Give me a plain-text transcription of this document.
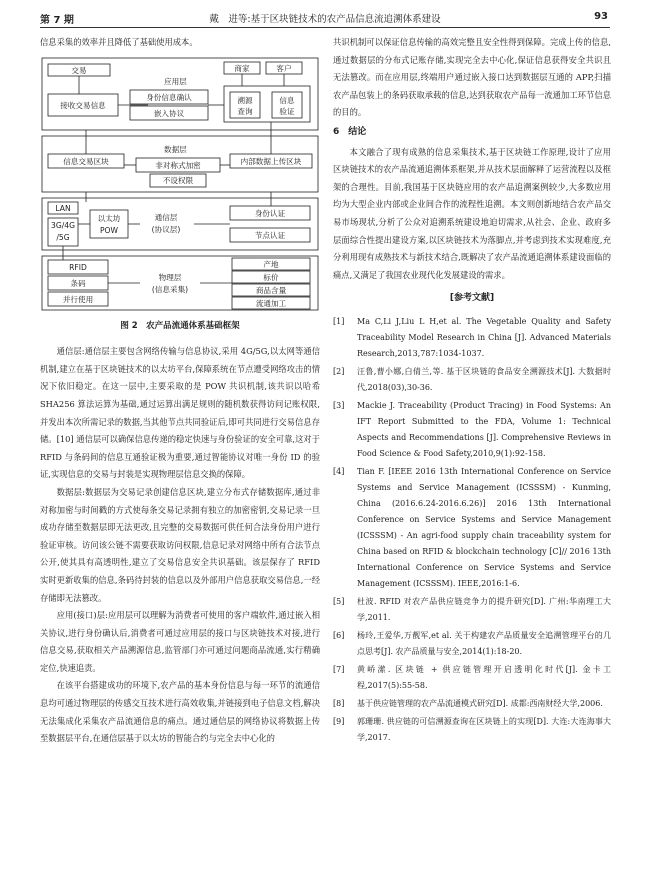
第 7 期	戴　进等:基于区块链技术的农产品信息流追溯体系建设	93

信息采集的效率并且降低了基础使用成本。

交易
接收交易信息
应用层
身份信息确认
嵌入协议
商家	客户
溯源
查询
信息
验证
数据层
信息交易区块	非对称式加密
不设权限
内部数据上传区块
LAN
3G/4G
/5G
以太坊
POW
通信层
(协议层)
身份认证
节点认证
RFID
条码
并行使用
物理层
(信息采集)
产地
标价
商品含量
流通加工
图 2　农产品流通体系基础框架

通信层:通信层主要包含网络传输与信息协议,采用 4G/5G,以太网等通信机制,建立在基于区块链技术的以太坊平台,保障系统在节点遭受网络攻击的情况下依旧稳定。在这一层中,主要采取的是 POW 共识机制,该共识以哈希 SHA256 算法运算为基础,通过运算出满足规则的随机数获得访问记账权限,并发出本次所需记录的数据,当其他节点共同验证后,即可共同进行交易信息存储。[10] 通信层可以确保信息传递的稳定快速与身份验证的安全可靠,这对于 RFID 与条码间的信息互通验证极为重要,通过智能协议对唯一身份 ID 的验证,实现信息的交易与封装是实现物理层信息交换的保障。

数据层:数据层为交易记录创建信息区块,建立分布式存储数据库,通过非对称加密与时间戳的方式使每条交易记录拥有独立的加密密钥,交易记录一旦成功存储至数据层即无法更改,且完整的交易数据可供任何合法身份用户进行验证审核。访问该公链不需要获取访问权限,信息记录对网络中所有合法节点公开,使其具有高透明性,建立了交易信息安全共识基础。该层保存了 RFID 实时更新收集的信息,条码待封装的信息以及外部用户信息获取交易信息,一经存储即无法篡改。

应用(接口)层:应用层可以理解为消费者可使用的客户端软件,通过嵌入相关协议,进行身份确认后,消费者可通过应用层的接口与区块链技术对接,进行信息交易,获取相关产品溯源信息,监管部门亦可通过问题商品流通,实行精确定位,快速追责。

在该平台搭建成功的环境下,农产品的基本身份信息与每一环节的流通信息均可通过物理层的传感交互技术进行高效收集,并链接到电子信息文档,解决无法集成化采集农产品流通信息的痛点。通过通信层的网络协议将数据上传至数据层平台,在通信层基于以太坊的智能合约与完全去中心化的

共识机制可以保证信息传输的高效完整且安全性得到保障。完成上传的信息,通过数据层的分布式记账存储,实现完全去中心化,保证信息获得安全共识且无法篡改。而在应用层,终端用户通过嵌入接口达到数据层互通的 APP,扫描农产品包装上的条码获取承载的信息,达到获取农产品每一流通加工环节信息的目的。

6　结论

本文融合了现有成熟的信息采集技术,基于区块链工作原理,设计了应用区块链技术的农产品流通追溯体系框架,并从技术层面解释了运营流程以及框架的合理性。目前,我国基于区块链应用的农产品追溯案例较少,大多数应用均为大型企业内部或企业间合作的流程性追溯。本文则创新地结合农产品交易市场现状,分析了公众对追溯系统建设地迫切需求,从社会、企业、政府多层面综合性提出建设方案,以区块链技术为落脚点,并考虑到技术实现难度,充分利用现有成熟技术与新技术结合,既解决了农产品流通追溯体系建设面临的痛点,又满足了我国农业现代化发展建设的需求。

[参考文献]
[1]	Ma C,Li J,Liu L H,et al. The Vegetable Quality and Safety Traceability Model Research in China [J]. Advanced Materials Research,2013,787:1034-1037.
[2]	汪鲁,曹小娜,白倩兰,等. 基于区块链的食品安全溯源技术[J]. 大数据时代,2018(03),30-36.
[3]	Mackie J. Traceability (Product Tracing) in Food Systems: An IFT Report Submitted to the FDA, Volume 1: Technical Aspects and Recommendations [J]. Comprehensive Reviews in Food Science & Food Safety,2010,9(1):92-158.
[4]	Tian F. [IEEE 2016 13th International Conference on Service Systems and Service Management (ICSSSM) - Kunming, China (2016.6.24-2016.6.26)] 2016 13th International Conference on Service Systems and Service Management (ICSSSM) - An agri-food supply chain traceability system for China based on RFID & blockchain technology [C]// 2016 13th International Conference on Service Systems and Service Management (ICSSSM). IEEE,2016:1-6.
[5]	杜波. RFID 对农产品供应链竞争力的提升研究[D]. 广州:华南理工大学,2011.
[6]	杨玲,王爱华,万靓军,et al. 关于构建农产品质量安全追溯管理平台的几点思考[J]. 农产品质量与安全,2014(1):18-20.
[7]	黄峤潆. 区块链 + 供应链管理开启透明化时代[J]. 金卡工程,2017(5):55-58.
[8]	基于供应链管理的农产品流通模式研究[D]. 成都:西南财经大学,2006.
[9]	郭珊珊. 供应链的可信溯源查询在区块链上的实现[D]. 大连:大连海事大学,2017.
